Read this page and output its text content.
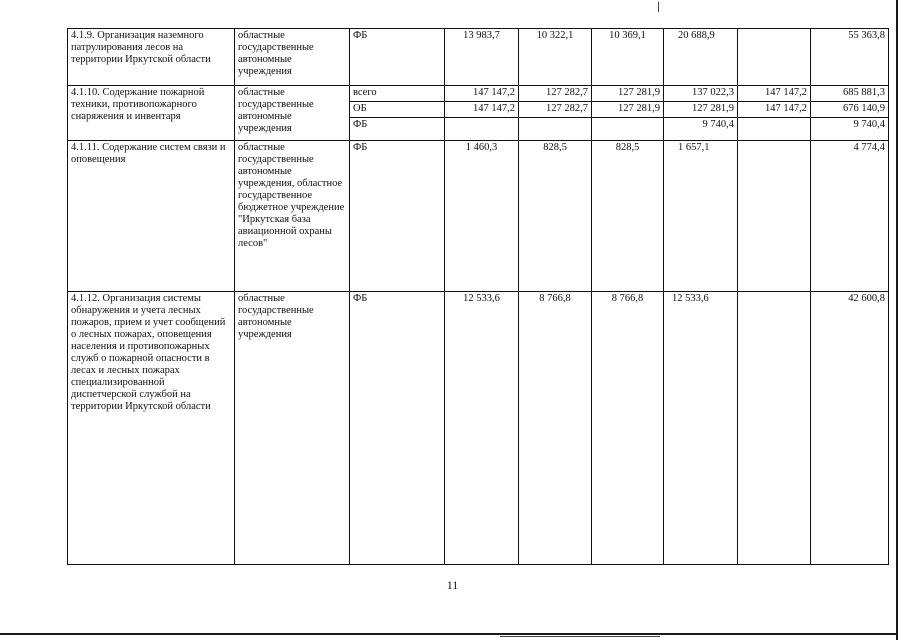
4.1.9. Организация наземного патрулирования лесов на территории Иркутской области	областные государственные автономные учреждения	ФБ	13 983,7	10 322,1	10 369,1	20 688,9		55 363,8
4.1.10. Содержание пожарной техники, противопожарного снаряжения и инвентаря	областные государственные автономные учреждения	всего	147 147,2	127 282,7	127 281,9	137 022,3	147 147,2	685 881,3
		ОБ	147 147,2	127 282,7	127 281,9	127 281,9	147 147,2	676 140,9
		ФБ				9 740,4		9 740,4
4.1.11. Содержание систем связи и оповещения	областные государственные автономные учреждения, областное государственное бюджетное учреждение "Иркутская база авиационной охраны лесов"	ФБ	1 460,3	828,5	828,5	1 657,1		4 774,4
4.1.12. Организация системы обнаружения и учета лесных пожаров, прием и учет сообщений о лесных пожарах, оповещения населения и противопожарных служб о пожарной опасности в лесах и лесных пожарах специализированной диспетчерской службой на территории Иркутской области	областные государственные автономные учреждения	ФБ	12 533,6	8 766,8	8 766,8	12 533,6		42 600,8
11
